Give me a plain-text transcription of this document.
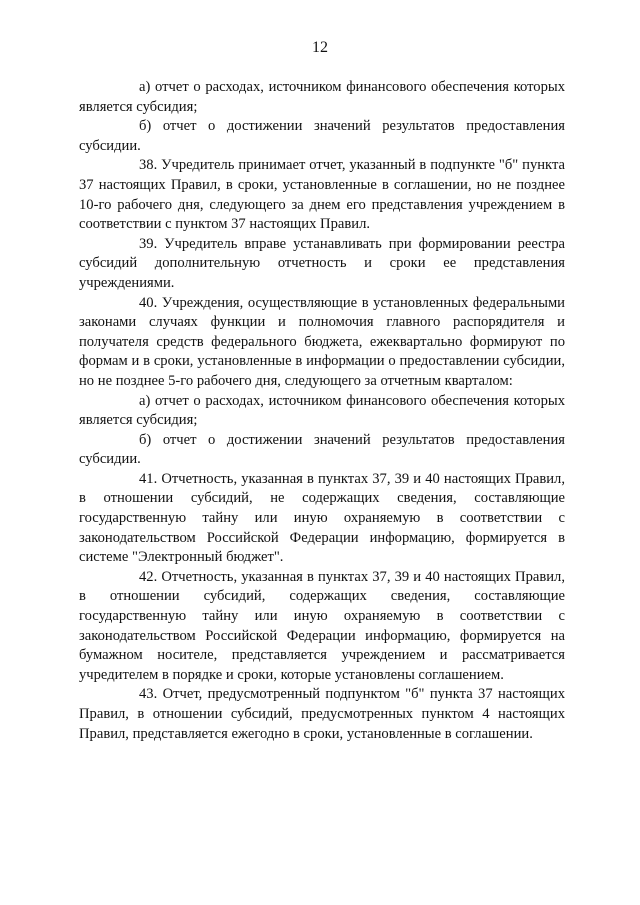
12

а) отчет о расходах, источником финансового обеспечения которых является субсидия;

б) отчет о достижении значений результатов предоставления субсидии.

38. Учредитель принимает отчет, указанный в подпункте "б" пункта 37 настоящих Правил, в сроки, установленные в соглашении, но не позднее 10-го рабочего дня, следующего за днем его представления учреждением в соответствии с пунктом 37 настоящих Правил.

39. Учредитель вправе устанавливать при формировании реестра субсидий дополнительную отчетность и сроки ее представления учреждениями.

40. Учреждения, осуществляющие в установленных федеральными законами случаях функции и полномочия главного распорядителя и получателя средств федерального бюджета, ежеквартально формируют по формам и в сроки, установленные в информации о предоставлении субсидии, но не позднее 5-го рабочего дня, следующего за отчетным кварталом:

а) отчет о расходах, источником финансового обеспечения которых является субсидия;

б) отчет о достижении значений результатов предоставления субсидии.

41. Отчетность, указанная в пунктах 37, 39 и 40 настоящих Правил, в отношении субсидий, не содержащих сведения, составляющие государственную тайну или иную охраняемую в соответствии с законодательством Российской Федерации информацию, формируется в системе "Электронный бюджет".

42. Отчетность, указанная в пунктах 37, 39 и 40 настоящих Правил, в отношении субсидий, содержащих сведения, составляющие государственную тайну или иную охраняемую в соответствии с законодательством Российской Федерации информацию, формируется на бумажном носителе, представляется учреждением и рассматривается учредителем в порядке и сроки, которые установлены соглашением.

43. Отчет, предусмотренный подпунктом "б" пункта 37 настоящих Правил, в отношении субсидий, предусмотренных пунктом 4 настоящих Правил, представляется ежегодно в сроки, установленные в соглашении.
